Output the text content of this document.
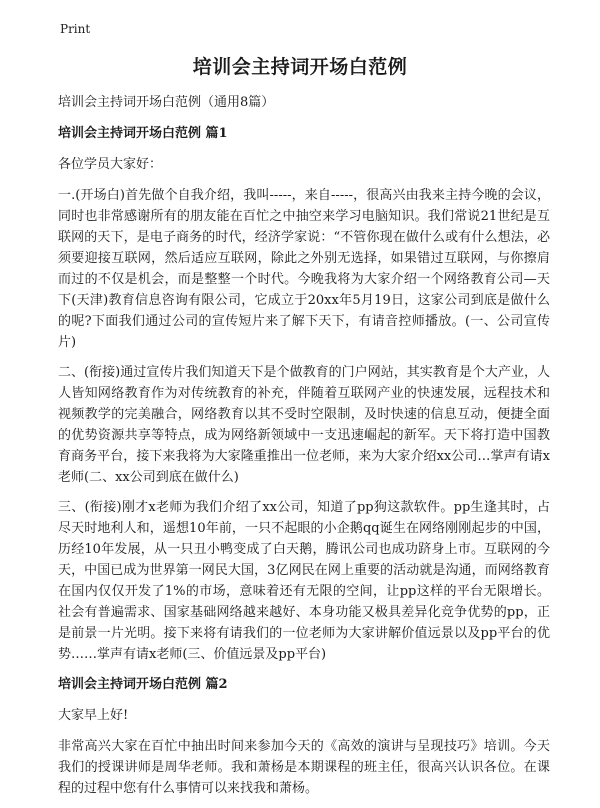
Print
培训会主持词开场白范例

培训会主持词开场白范例（通用8篇）

培训会主持词开场白范例 篇1

各位学员大家好：

一.(开场白)首先做个自我介绍，我叫-----，来自-----，很高兴由我来主持今晚的会议，同时也非常感谢所有的朋友能在百忙之中抽空来学习电脑知识。我们常说21世纪是互联网的天下，是电子商务的时代，经济学家说：“不管你现在做什么或有什么想法，必须要迎接互联网，然后适应互联网，除此之外别无选择，如果错过互联网，与你擦肩而过的不仅是机会，而是整整一个时代。今晚我将为大家介绍一个网络教育公司—天下(天津)教育信息咨询有限公司，它成立于20xx年5月19日，这家公司到底是做什么的呢?下面我们通过公司的宣传短片来了解下天下，有请音控师播放。(一、公司宣传片)

二、(衔接)通过宣传片我们知道天下是个做教育的门户网站，其实教育是个大产业，人人皆知网络教育作为对传统教育的补充，伴随着互联网产业的快速发展，远程技术和视频教学的完美融合，网络教育以其不受时空限制，及时快速的信息互动，便捷全面的优势资源共享等特点，成为网络新领域中一支迅速崛起的新军。天下将打造中国教育商务平台，接下来我将为大家隆重推出一位老师，来为大家介绍xx公司…掌声有请x老师(二、xx公司到底在做什么)

三、(衔接)刚才x老师为我们介绍了xx公司，知道了pp狗这款软件。pp生逢其时，占尽天时地利人和，遥想10年前，一只不起眼的小企鹅qq诞生在网络刚刚起步的中国，历经10年发展，从一只丑小鸭变成了白天鹅，腾讯公司也成功跻身上市。互联网的今天，中国已成为世界第一网民大国，3亿网民在网上重要的活动就是沟通，而网络教育在国内仅仅开发了1%的市场，意味着还有无限的空间，让pp这样的平台无限增长。社会有普遍需求、国家基础网络越来越好、本身功能又极具差异化竞争优势的pp，正是前景一片光明。接下来将有请我们的一位老师为大家讲解价值远景以及pp平台的优势……掌声有请x老师(三、价值远景及pp平台)

培训会主持词开场白范例 篇2

大家早上好!

非常高兴大家在百忙中抽出时间来参加今天的《高效的演讲与呈现技巧》培训。今天我们的授课讲师是周华老师。我和萧杨是本期课程的班主任，很高兴认识各位。在课程的过程中您有什么事情可以来找我和萧杨。
